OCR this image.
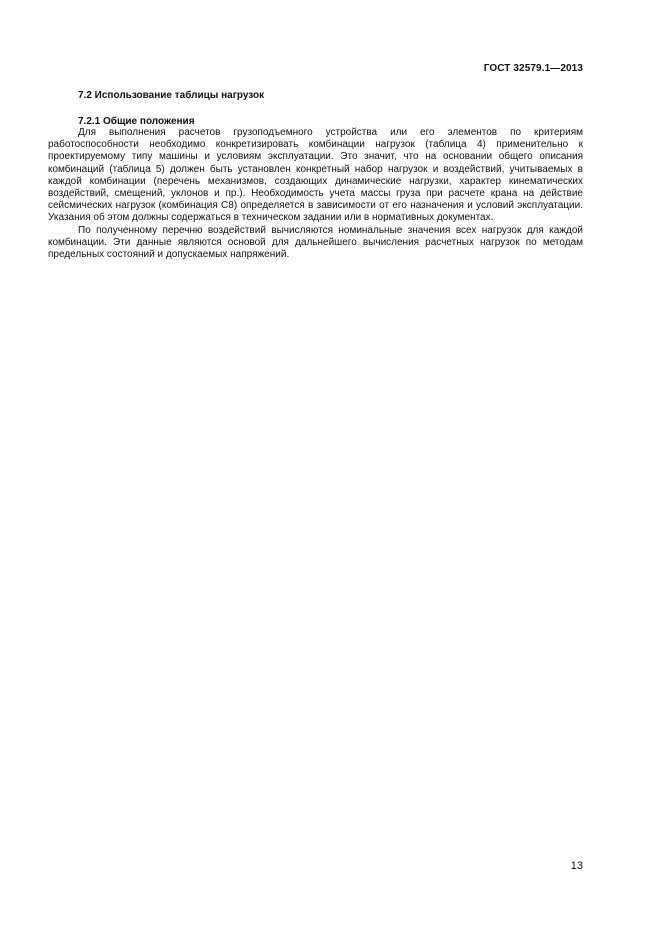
ГОСТ 32579.1—2013
7.2 Использование таблицы нагрузок
7.2.1 Общие положения

Для выполнения расчетов грузоподъемного устройства или его элементов по критериям работоспособности необходимо конкретизировать комбинации нагрузок (таблица 4) применительно к проектируемому типу машины и условиям эксплуатации. Это значит, что на основании общего описания комбинаций (таблица 5) должен быть установлен конкретный набор нагрузок и воздействий, учитываемых в каждой комбинации (перечень механизмов, создающих динамические нагрузки, характер кинематических воздействий, смещений, уклонов и пр.). Необходимость учета массы груза при расчете крана на действие сейсмических нагрузок (комбинация C8) определяется в зависимости от его назначения и условий эксплуатации. Указания об этом должны содержаться в техническом задании или в нормативных документах.

По полученному перечню воздействий вычисляются номинальные значения всех нагрузок для каждой комбинации. Эти данные являются основой для дальнейшего вычисления расчетных нагрузок по методам предельных состояний и допускаемых напряжений.

13
